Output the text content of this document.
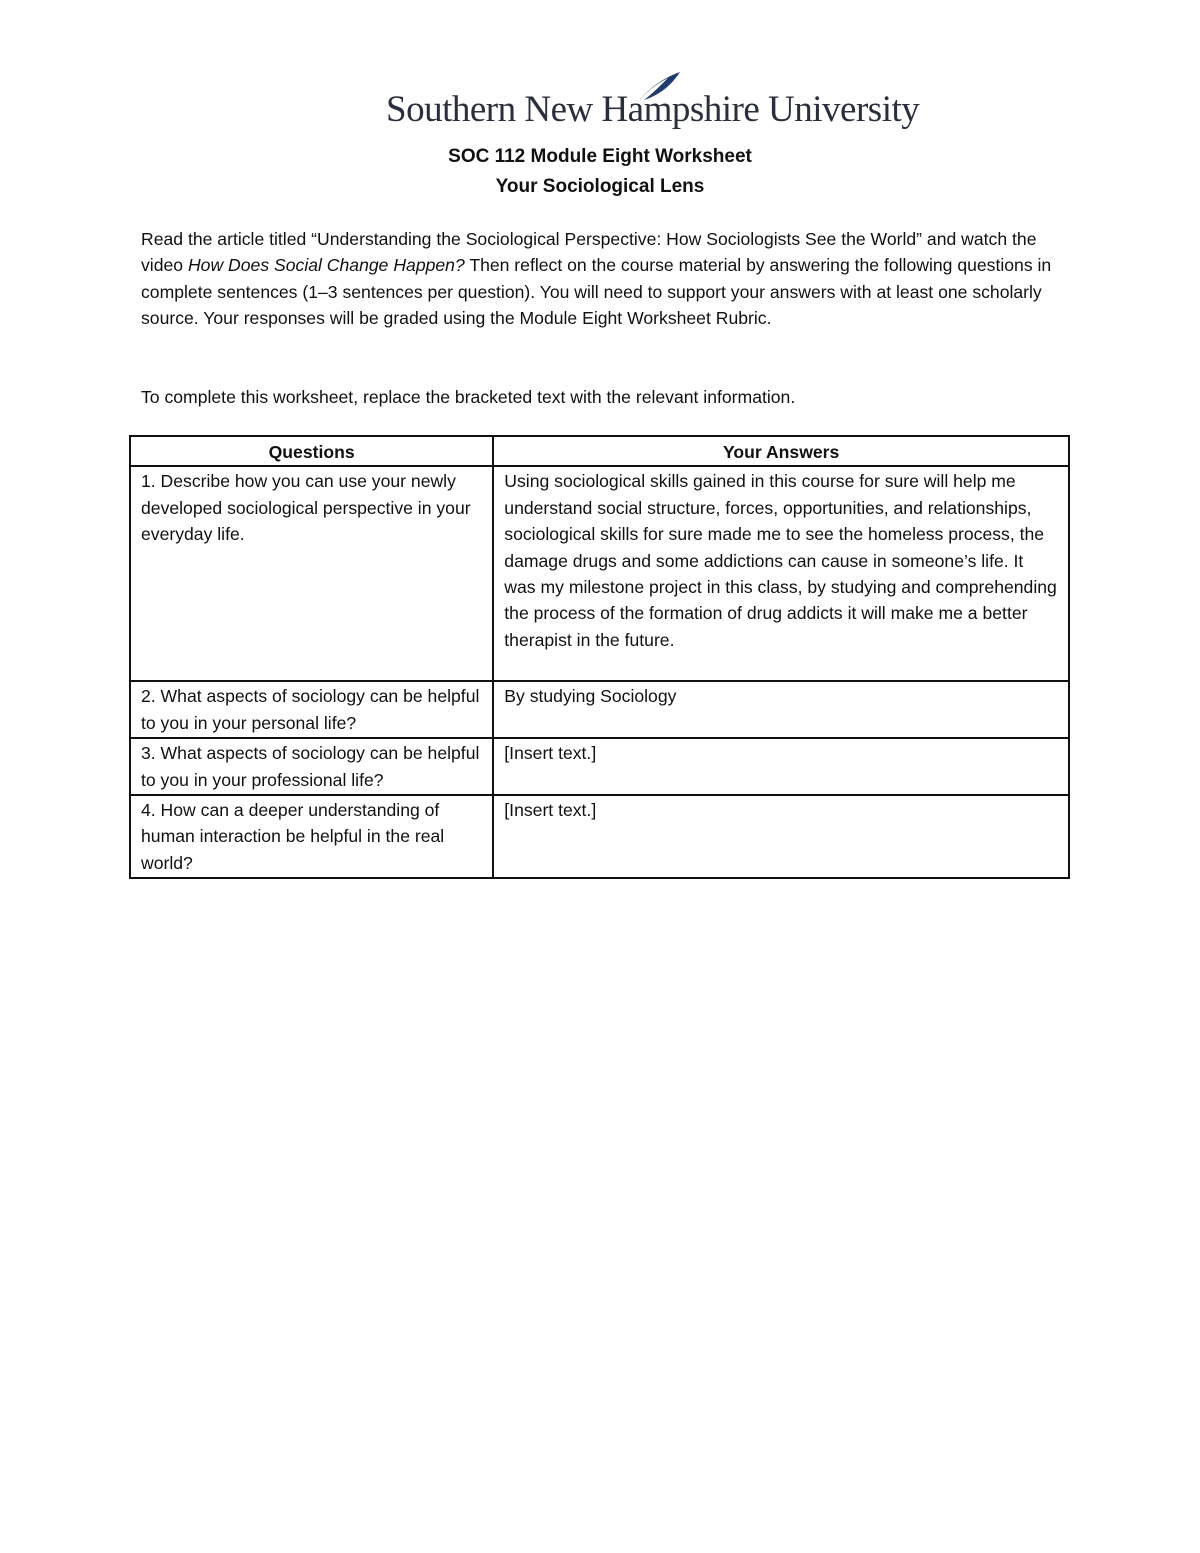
Southern New Hampshire University
SOC 112 Module Eight Worksheet
Your Sociological Lens
Read the article titled “Understanding the Sociological Perspective: How Sociologists See the World” and watch the video How Does Social Change Happen? Then reflect on the course material by answering the following questions in complete sentences (1–3 sentences per question). You will need to support your answers with at least one scholarly source. Your responses will be graded using the Module Eight Worksheet Rubric.
To complete this worksheet, replace the bracketed text with the relevant information.
Questions	Your Answers
1. Describe how you can use your newly developed sociological perspective in your everyday life.	Using sociological skills gained in this course for sure will help me understand social structure, forces, opportunities, and relationships, sociological skills for sure made me to see the homeless process, the damage drugs and some addictions can cause in someone’s life. It was my milestone project in this class, by studying and comprehending the process of the formation of drug addicts it will make me a better therapist in the future.
2. What aspects of sociology can be helpful to you in your personal life?	By studying Sociology
3. What aspects of sociology can be helpful to you in your professional life?	[Insert text.]
4. How can a deeper understanding of human interaction be helpful in the real world?	[Insert text.]
